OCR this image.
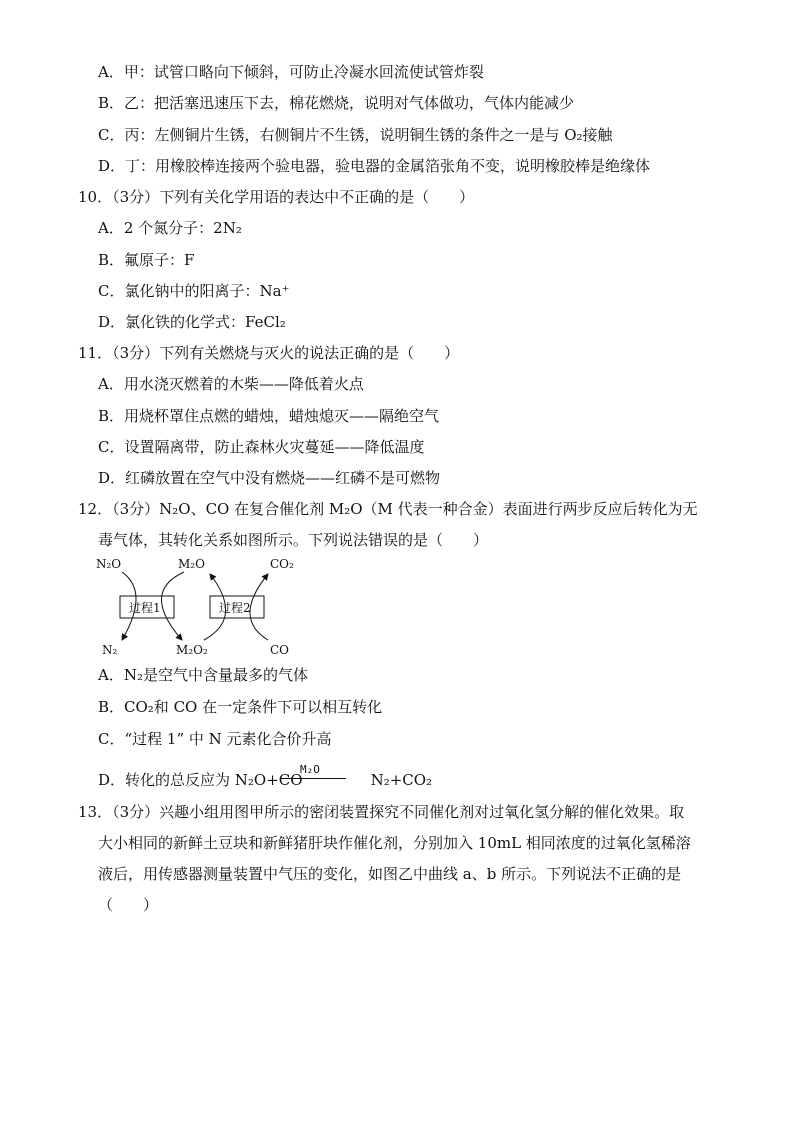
A．甲：试管口略向下倾斜，可防止冷凝水回流使试管炸裂
B．乙：把活塞迅速压下去，棉花燃烧，说明对气体做功，气体内能减少
C．丙：左侧铜片生锈，右侧铜片不生锈，说明铜生锈的条件之一是与 O₂接触
D．丁：用橡胶棒连接两个验电器，验电器的金属箔张角不变，说明橡胶棒是绝缘体
10．（3分）下列有关化学用语的表达中不正确的是（　　）
A．2 个氮分子：2N₂
B．氟原子：F
C．氯化钠中的阳离子：Na⁺
D．氯化铁的化学式：FeCl₂
11．（3分）下列有关燃烧与灭火的说法正确的是（　　）
A．用水浇灭燃着的木柴——降低着火点
B．用烧杯罩住点燃的蜡烛，蜡烛熄灭——隔绝空气
C．设置隔离带，防止森林火灾蔓延——降低温度
D．红磷放置在空气中没有燃烧——红磷不是可燃物
12．（3分）N₂O、CO 在复合催化剂 M₂O（M 代表一种合金）表面进行两步反应后转化为无
毒气体，其转化关系如图所示。下列说法错误的是（　　）
N₂O	M₂O	CO₂
N₂	M₂O₂	CO
过程1	过程2
A．N₂是空气中含量最多的气体
B．CO₂和 CO 在一定条件下可以相互转化
C．“过程 1” 中 N 元素化合价升高
D．转化的总反应为 N₂O+CO	N₂+CO₂
M₂O
13．（3分）兴趣小组用图甲所示的密闭装置探究不同催化剂对过氧化氢分解的催化效果。取
大小相同的新鲜土豆块和新鲜猪肝块作催化剂，分别加入 10mL 相同浓度的过氧化氢稀溶
液后，用传感器测量装置中气压的变化，如图乙中曲线 a、b 所示。下列说法不正确的是
（　　）
